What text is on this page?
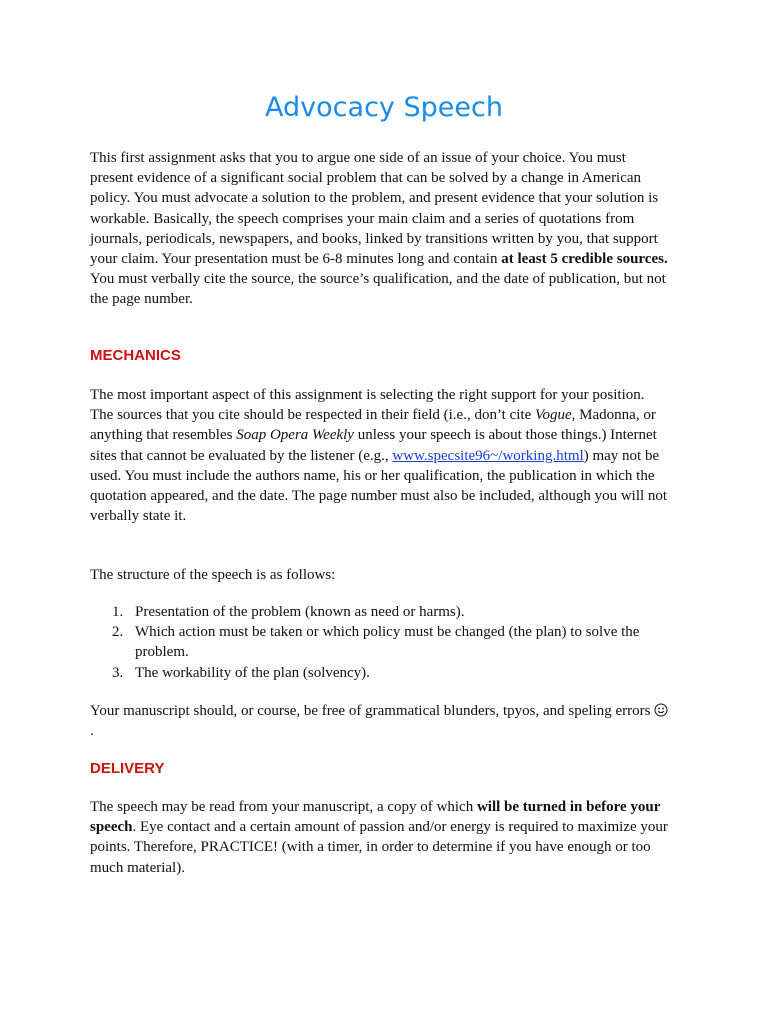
Advocacy Speech

This first assignment asks that you to argue one side of an issue of your choice. You must present evidence of a significant social problem that can be solved by a change in American policy. You must advocate a solution to the problem, and present evidence that your solution is workable. Basically, the speech comprises your main claim and a series of quotations from journals, periodicals, newspapers, and books, linked by transitions written by you, that support your claim. Your presentation must be 6-8 minutes long and contain at least 5 credible sources. You must verbally cite the source, the source’s qualification, and the date of publication, but not the page number.

MECHANICS

The most important aspect of this assignment is selecting the right support for your position. The sources that you cite should be respected in their field (i.e., don’t cite Vogue, Madonna, or anything that resembles Soap Opera Weekly unless your speech is about those things.) Internet sites that cannot be evaluated by the listener (e.g., www.specsite96~/working.html) may not be used. You must include the authors name, his or her qualification, the publication in which the quotation appeared, and the date. The page number must also be included, although you will not verbally state it.

The structure of the speech is as follows:

1. Presentation of the problem (known as need or harms).
2. Which action must be taken or which policy must be changed (the plan) to solve the problem.
3. The workability of the plan (solvency).

Your manuscript should, or course, be free of grammatical blunders, tpyos, and speling errors .

DELIVERY

The speech may be read from your manuscript, a copy of which will be turned in before your speech. Eye contact and a certain amount of passion and/or energy is required to maximize your points. Therefore, PRACTICE! (with a timer, in order to determine if you have enough or too much material).
